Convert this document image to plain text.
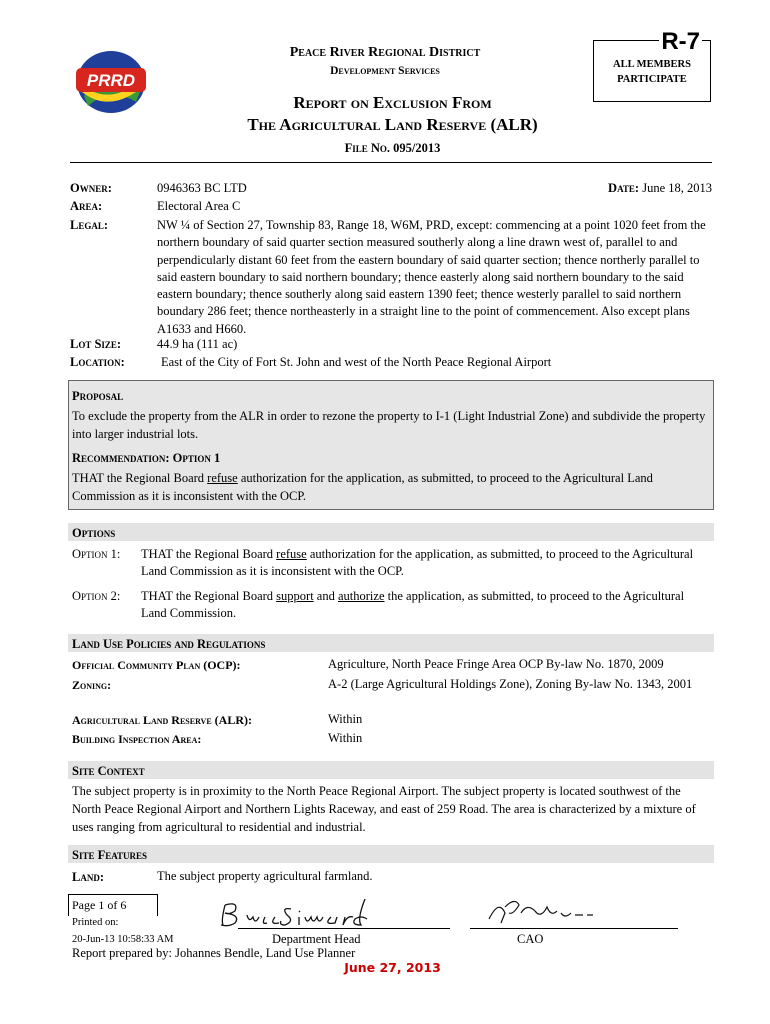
PRRD
Peace River Regional District
Development Services
R-7
ALL MEMBERS
PARTICIPATE
Report on Exclusion From
The Agricultural Land Reserve (ALR)
File No. 095/2013
Owner:	0946363 BC LTD	Date: June 18, 2013
Area:	Electoral Area C
Legal:	NW ¼ of Section 27, Township 83, Range 18, W6M, PRD, except: commencing at a point 1020 feet from the northern boundary of said quarter section measured southerly along a line drawn west of, parallel to and perpendicularly distant 60 feet from the eastern boundary of said quarter section; thence northerly parallel to said eastern boundary to said northern boundary; thence easterly along said northern boundary to the said eastern boundary; thence southerly along said eastern 1390 feet; thence westerly parallel to said northern boundary 286 feet; thence northeasterly in a straight line to the point of commencement. Also except plans A1633 and H660.
Lot Size:	44.9 ha (111 ac)
Location:	East of the City of Fort St. John and west of the North Peace Regional Airport
Proposal
To exclude the property from the ALR in order to rezone the property to I-1 (Light Industrial Zone) and subdivide the property into larger industrial lots.
Recommendation: Option 1
THAT the Regional Board refuse authorization for the application, as submitted, to proceed to the Agricultural Land Commission as it is inconsistent with the OCP.
Options
Option 1: THAT the Regional Board refuse authorization for the application, as submitted, to proceed to the Agricultural Land Commission as it is inconsistent with the OCP.
Option 2: THAT the Regional Board support and authorize the application, as submitted, to proceed to the Agricultural Land Commission.
Land Use Policies and Regulations
Official Community Plan (OCP):	Agriculture, North Peace Fringe Area OCP By-law No. 1870, 2009
Zoning:	A-2 (Large Agricultural Holdings Zone), Zoning By-law No. 1343, 2001
Agricultural Land Reserve (ALR):	Within
Building Inspection Area:	Within
Site Context
The subject property is in proximity to the North Peace Regional Airport. The subject property is located southwest of the North Peace Regional Airport and Northern Lights Raceway, and east of 259 Road. The area is characterized by a mixture of uses ranging from agricultural to residential and industrial.
Site Features
Land:	The subject property agricultural farmland.
Page 1 of 6
Printed on:
20-Jun-13 10:58:33 AM	Department Head	CAO
Report prepared by: Johannes Bendle, Land Use Planner
June 27, 2013
